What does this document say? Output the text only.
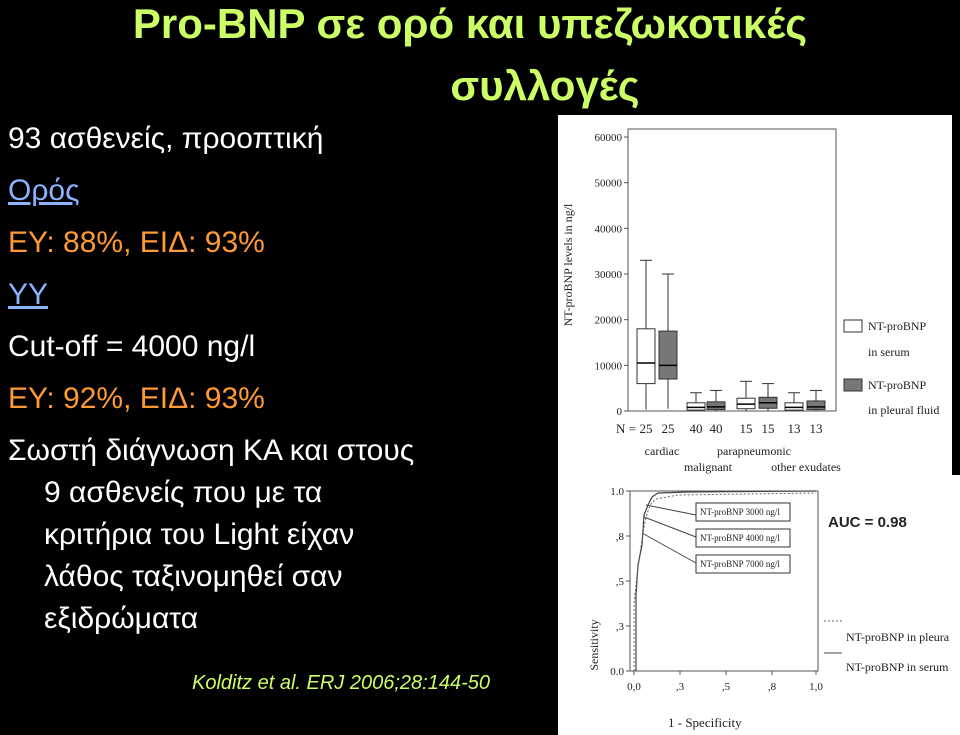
Pro-BNP σε ορό και υπεζωκοτικές
συλλογές
93 ασθενείς, προοπτική
Ορός
ΕΥ: 88%, ΕΙΔ: 93%
ΥΥ
Cut-off = 4000 ng/l
ΕΥ: 92%, ΕΙΔ: 93%
Σωστή διάγνωση ΚΑ και στους
9 ασθενείς που με τα
κριτήρια του Light είχαν
λάθος ταξινομηθεί σαν
εξιδρώματα
Kolditz et al. ERJ 2006;28:144-50
NT-proBNP levels in ng/l
60000
50000
40000
30000
20000
10000
0
N = 25 25 40 40 15 15 13 13
cardiac
malignant
parapneumonic
other exudates
NT-proBNP
in serum
NT-proBNP
in pleural fluid
1.0
,8
,5
,3
0.0
0,0	,3	,5	,8	1,0
Sensitivity
1 - Specificity
NT-proBNP 3000 ng/l
NT-proBNP 4000 ng/l
NT-proBNP 7000 ng/l
AUC = 0.98
NT-proBNP in pleura
NT-proBNP in serum
